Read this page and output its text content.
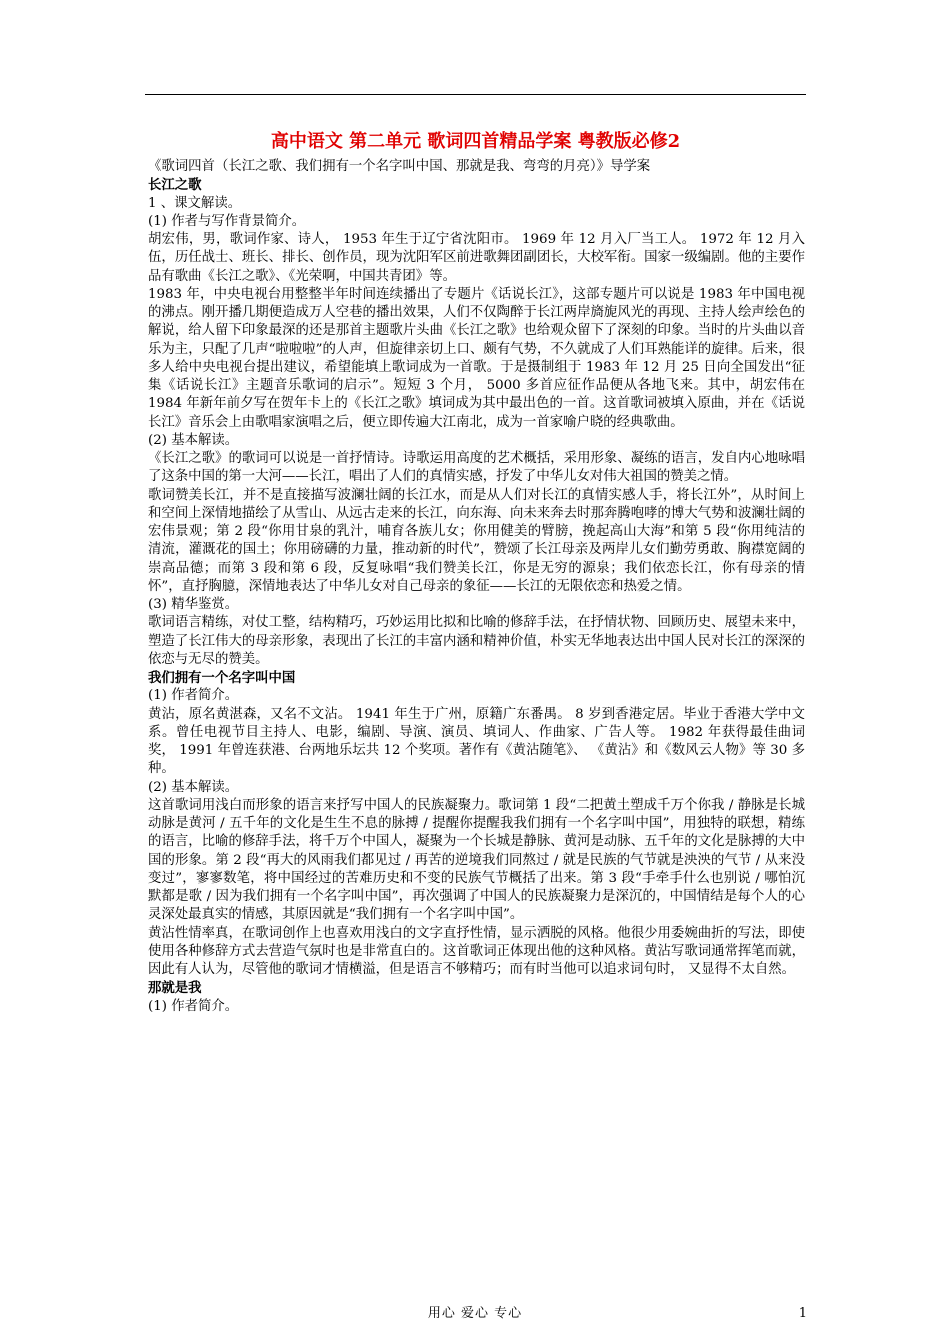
高中语文 第二单元 歌词四首精品学案 粤教版必修2

《歌词四首（长江之歌、我们拥有一个名字叫中国、那就是我、弯弯的月亮）》导学案

长江之歌

1 、课文解读。

(1) 作者与写作背景简介。

胡宏伟，男，歌词作家、诗人， 1953 年生于辽宁省沈阳市。 1969 年 12 月入厂当工人。 1972 年 12 月入伍，历任战士、班长、排长、创作员，现为沈阳军区前进歌舞团副团长，大校军衔。国家一级编剧。他的主要作品有歌曲《长江之歌》、《光荣啊，中国共青团》等。

1983 年，中央电视台用整整半年时间连续播出了专题片《话说长江》，这部专题片可以说是 1983 年中国电视的沸点。刚开播几期便造成万人空巷的播出效果，人们不仅陶醉于长江两岸旖旎风光的再现、主持人绘声绘色的解说，给人留下印象最深的还是那首主题歌片头曲《长江之歌》也给观众留下了深刻的印象。当时的片头曲以音乐为主，只配了几声“啦啦啦”的人声，但旋律亲切上口、颇有气势，不久就成了人们耳熟能详的旋律。后来，很多人给中央电视台提出建议，希望能填上歌词成为一首歌。于是摄制组于 1983 年 12 月 25 日向全国发出“征集《话说长江》主题音乐歌词的启示”。短短 3 个月， 5000 多首应征作品便从各地飞来。其中，胡宏伟在 1984 年新年前夕写在贺年卡上的《长江之歌》填词成为其中最出色的一首。这首歌词被填入原曲，并在《话说长江》音乐会上由歌唱家演唱之后，便立即传遍大江南北，成为一首家喻户晓的经典歌曲。

(2) 基本解读。

《长江之歌》的歌词可以说是一首抒情诗。诗歌运用高度的艺术概括，采用形象、凝练的语言，发自内心地咏唱了这条中国的第一大河——长江，唱出了人们的真情实感，抒发了中华儿女对伟大祖国的赞美之情。

歌词赞美长江，并不是直接描写波澜壮阔的长江水，而是从人们对长江的真情实感人手，将长江外”，从时间上和空间上深情地描绘了从雪山、从远古走来的长江，向东海、向未来奔去时那奔腾咆哮的博大气势和波澜壮阔的宏伟景观；第 2 段“你用甘泉的乳汁，哺育各族儿女；你用健美的臂膀，挽起高山大海”和第 5 段“你用纯洁的清流，灌溉花的国土；你用磅礴的力量，推动新的时代”，赞颂了长江母亲及两岸儿女们勤劳勇敢、胸襟宽阔的崇高品德；而第 3 段和第 6 段，反复咏唱“我们赞美长江，你是无穷的源泉；我们依恋长江，你有母亲的情怀”，直抒胸臆，深情地表达了中华儿女对自己母亲的象征——长江的无限依恋和热爱之情。

(3) 精华鉴赏。

歌词语言精练，对仗工整，结构精巧，巧妙运用比拟和比喻的修辞手法，在抒情状物、回顾历史、展望未来中，塑造了长江伟大的母亲形象，表现出了长江的丰富内涵和精神价值，朴实无华地表达出中国人民对长江的深深的依恋与无尽的赞美。

我们拥有一个名字叫中国

(1) 作者简介。

黄沾，原名黄湛森，又名不文沾。 1941 年生于广州，原籍广东番禺。 8 岁到香港定居。毕业于香港大学中文系。曾任电视节目主持人、电影，编剧、导演、演员、填词人、作曲家、广告人等。 1982 年获得最佳曲词奖， 1991 年曾连获港、台两地乐坛共 12 个奖项。著作有《黄沾随笔》、 《黄沾》和《数风云人物》等 30 多种。

(2) 基本解读。

这首歌词用浅白而形象的语言来抒写中国人的民族凝聚力。歌词第 1 段“二把黄土塑成千万个你我 / 静脉是长城动脉是黄河 / 五千年的文化是生生不息的脉搏 / 提醒你提醒我我们拥有一个名字叫中国”，用独特的联想，精练的语言，比喻的修辞手法，将千万个中国人，凝聚为一个长城是静脉、黄河是动脉、五千年的文化是脉搏的大中国的形象。第 2 段“再大的风雨我们都见过 / 再苦的逆境我们同熬过 / 就是民族的气节就是泱泱的气节 / 从来没变过”，寥寥数笔，将中国经过的苦难历史和不变的民族气节概括了出来。第 3 段“手牵手什么也别说 / 哪怕沉默都是歌 / 因为我们拥有一个名字叫中国”，再次强调了中国人的民族凝聚力是深沉的，中国情结是每个人的心灵深处最真实的情感，其原因就是“我们拥有一个名字叫中国”。

黄沾性情率真，在歌词创作上也喜欢用浅白的文字直抒性情，显示洒脱的风格。他很少用委婉曲折的写法，即使使用各种修辞方式去营造气氛时也是非常直白的。这首歌词正体现出他的这种风格。黄沾写歌词通常挥笔而就，因此有人认为，尽管他的歌词才情横溢，但是语言不够精巧；而有时当他可以追求词句时， 又显得不太自然。

那就是我

(1) 作者简介。

用心 爱心 专心	1
